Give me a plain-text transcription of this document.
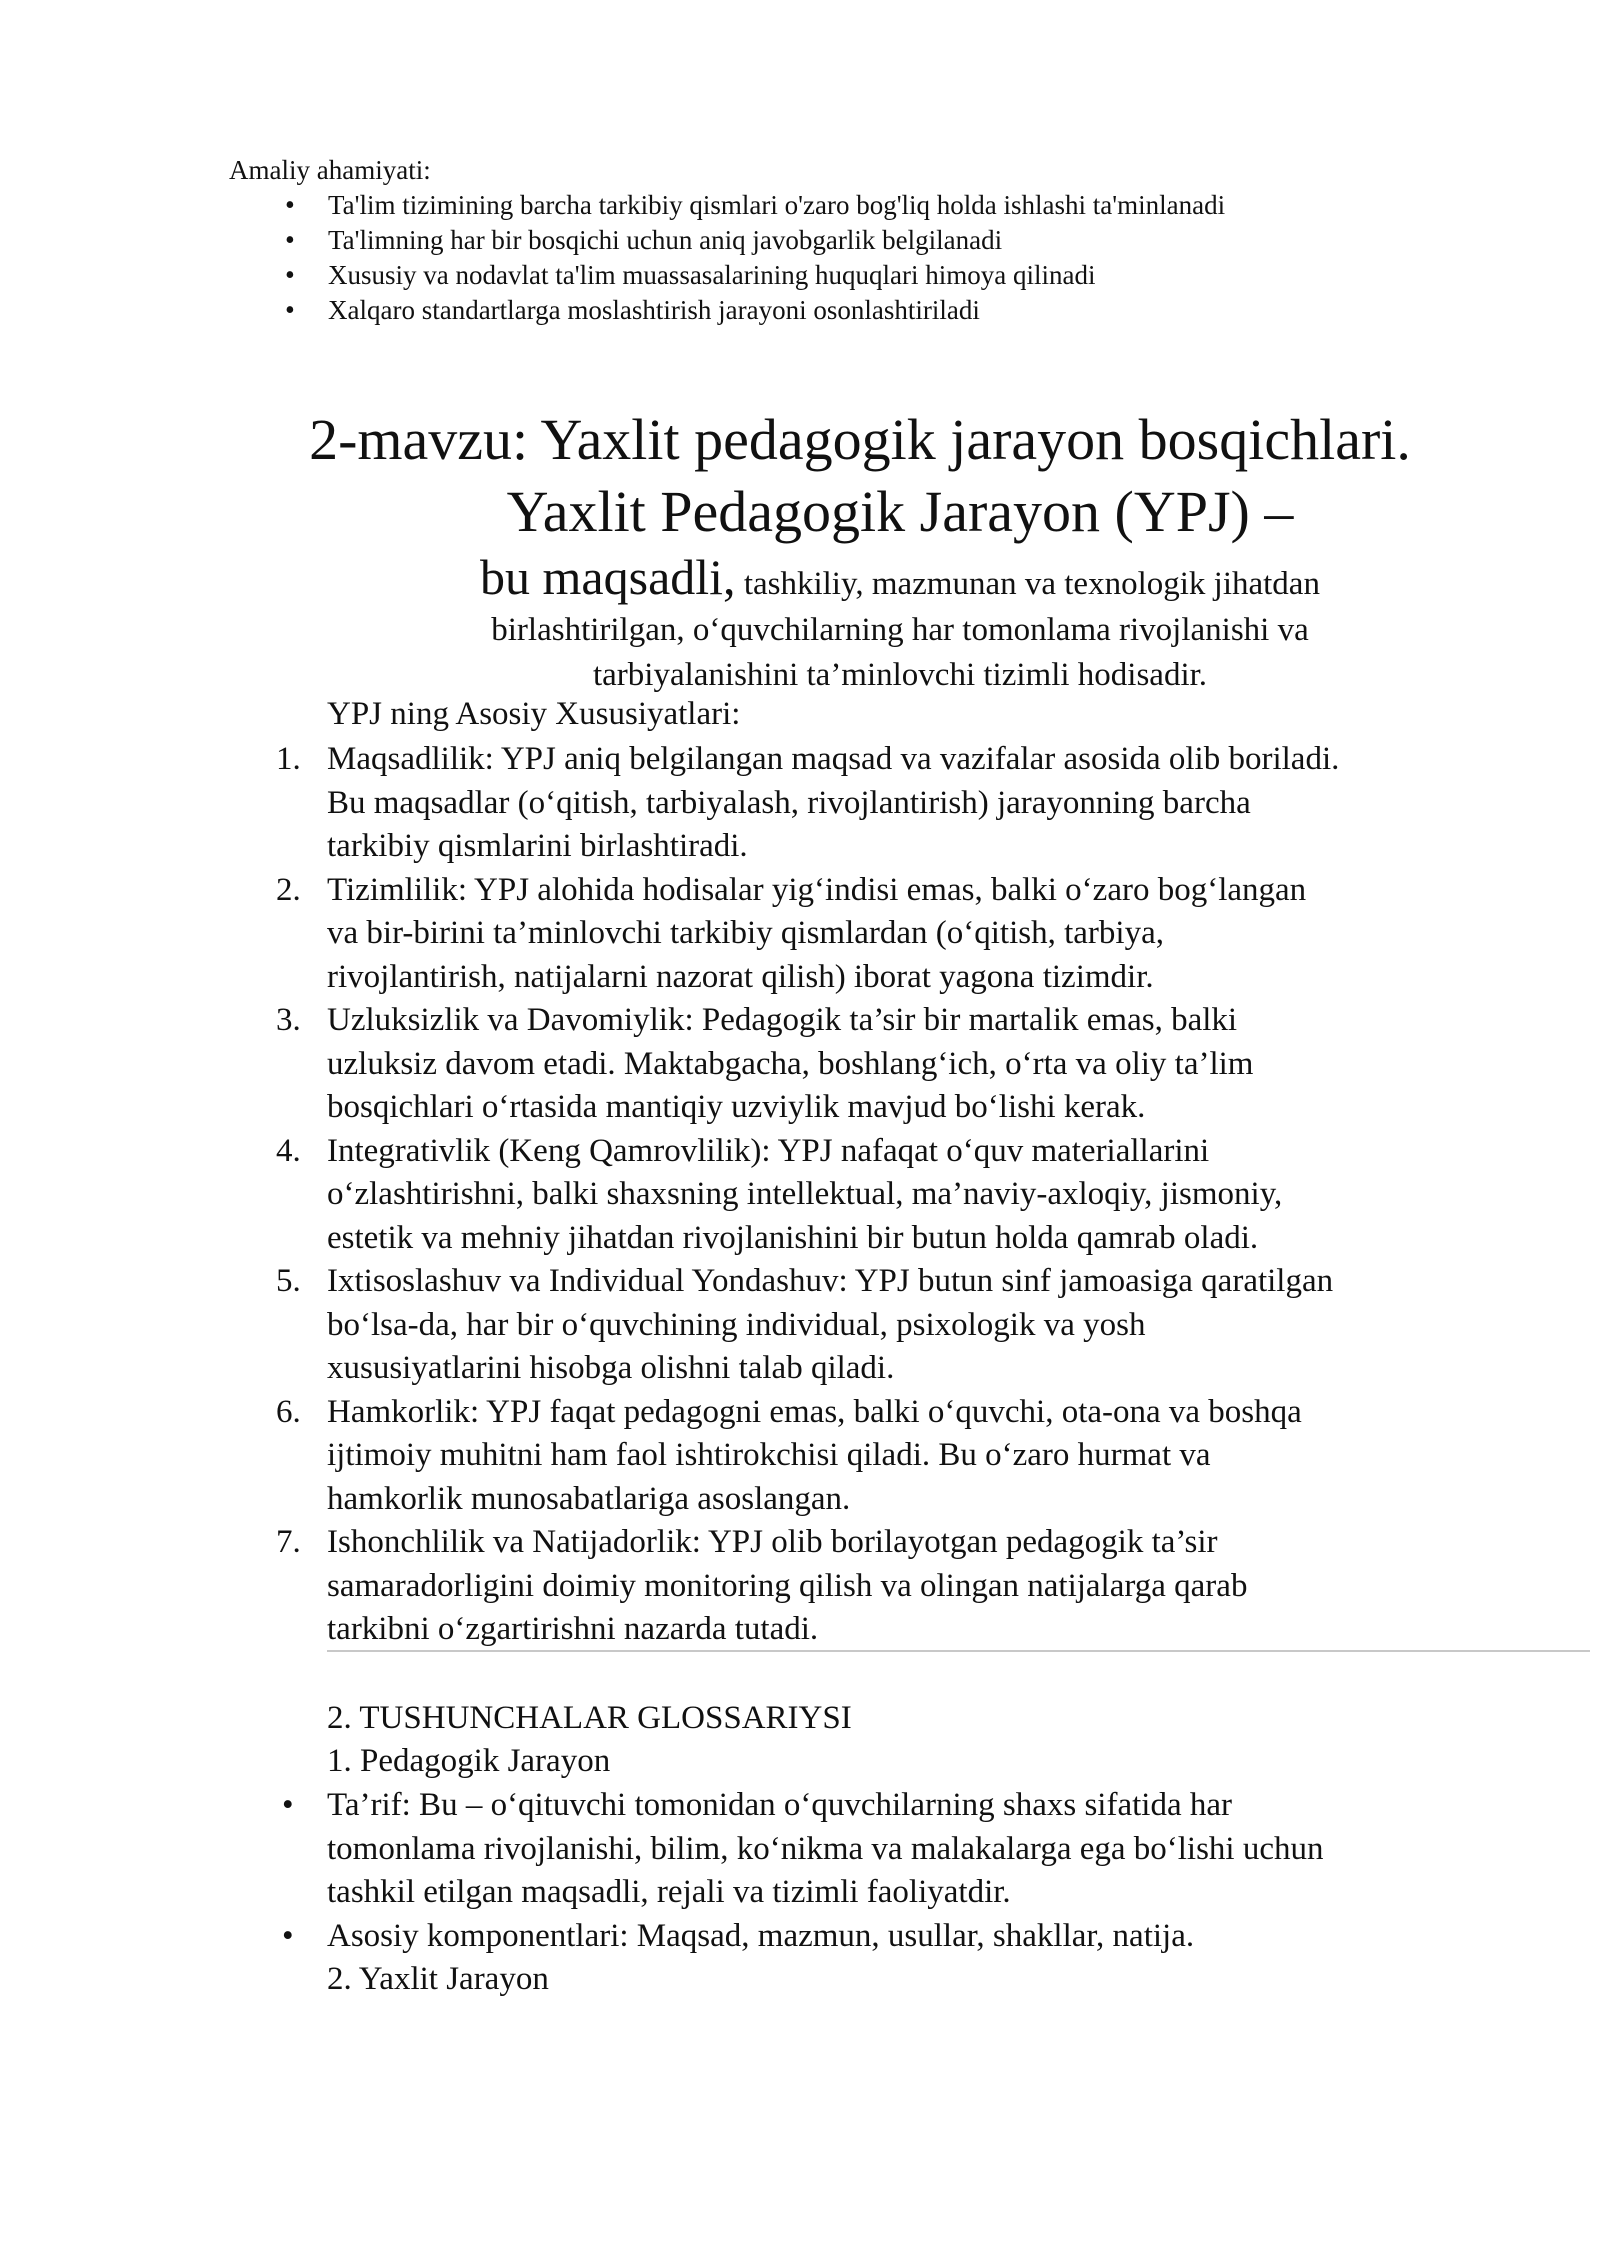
Amaliy ahamiyati:
• Ta'lim tizimining barcha tarkibiy qismlari o'zaro bog'liq holda ishlashi ta'minlanadi
• Ta'limning har bir bosqichi uchun aniq javobgarlik belgilanadi
• Xususiy va nodavlat ta'lim muassasalarining huquqlari himoya qilinadi
• Xalqaro standartlarga moslashtirish jarayoni osonlashtiriladi
2-mavzu: Yaxlit pedagogik jarayon bosqichlari.
Yaxlit Pedagogik Jarayon (YPJ) –
bu maqsadli, tashkiliy, mazmunan va texnologik jihatdan
birlashtirilgan, o‘quvchilarning har tomonlama rivojlanishi va
tarbiyalanishini ta’minlovchi tizimli hodisadir.
YPJ ning Asosiy Xususiyatlari:
1. Maqsadlilik: YPJ aniq belgilangan maqsad va vazifalar asosida olib boriladi.
Bu maqsadlar (o‘qitish, tarbiyalash, rivojlantirish) jarayonning barcha
tarkibiy qismlarini birlashtiradi.
2. Tizimlilik: YPJ alohida hodisalar yig‘indisi emas, balki o‘zaro bog‘langan
va bir-birini ta’minlovchi tarkibiy qismlardan (o‘qitish, tarbiya,
rivojlantirish, natijalarni nazorat qilish) iborat yagona tizimdir.
3. Uzluksizlik va Davomiylik: Pedagogik ta’sir bir martalik emas, balki
uzluksiz davom etadi. Maktabgacha, boshlang‘ich, o‘rta va oliy ta’lim
bosqichlari o‘rtasida mantiqiy uzviylik mavjud bo‘lishi kerak.
4. Integrativlik (Keng Qamrovlilik): YPJ nafaqat o‘quv materiallarini
o‘zlashtirishni, balki shaxsning intellektual, ma’naviy-axloqiy, jismoniy,
estetik va mehniy jihatdan rivojlanishini bir butun holda qamrab oladi.
5. Ixtisoslashuv va Individual Yondashuv: YPJ butun sinf jamoasiga qaratilgan
bo‘lsa-da, har bir o‘quvchining individual, psixologik va yosh
xususiyatlarini hisobga olishni talab qiladi.
6. Hamkorlik: YPJ faqat pedagogni emas, balki o‘quvchi, ota-ona va boshqa
ijtimoiy muhitni ham faol ishtirokchisi qiladi. Bu o‘zaro hurmat va
hamkorlik munosabatlariga asoslangan.
7. Ishonchlilik va Natijadorlik: YPJ olib borilayotgan pedagogik ta’sir
samaradorligini doimiy monitoring qilish va olingan natijalarga qarab
tarkibni o‘zgartirishni nazarda tutadi.
2. TUSHUNCHALAR GLOSSARIYSI
1. Pedagogik Jarayon
• Ta’rif: Bu – o‘qituvchi tomonidan o‘quvchilarning shaxs sifatida har
tomonlama rivojlanishi, bilim, ko‘nikma va malakalarga ega bo‘lishi uchun
tashkil etilgan maqsadli, rejali va tizimli faoliyatdir.
• Asosiy komponentlari: Maqsad, mazmun, usullar, shakllar, natija.
2. Yaxlit Jarayon
